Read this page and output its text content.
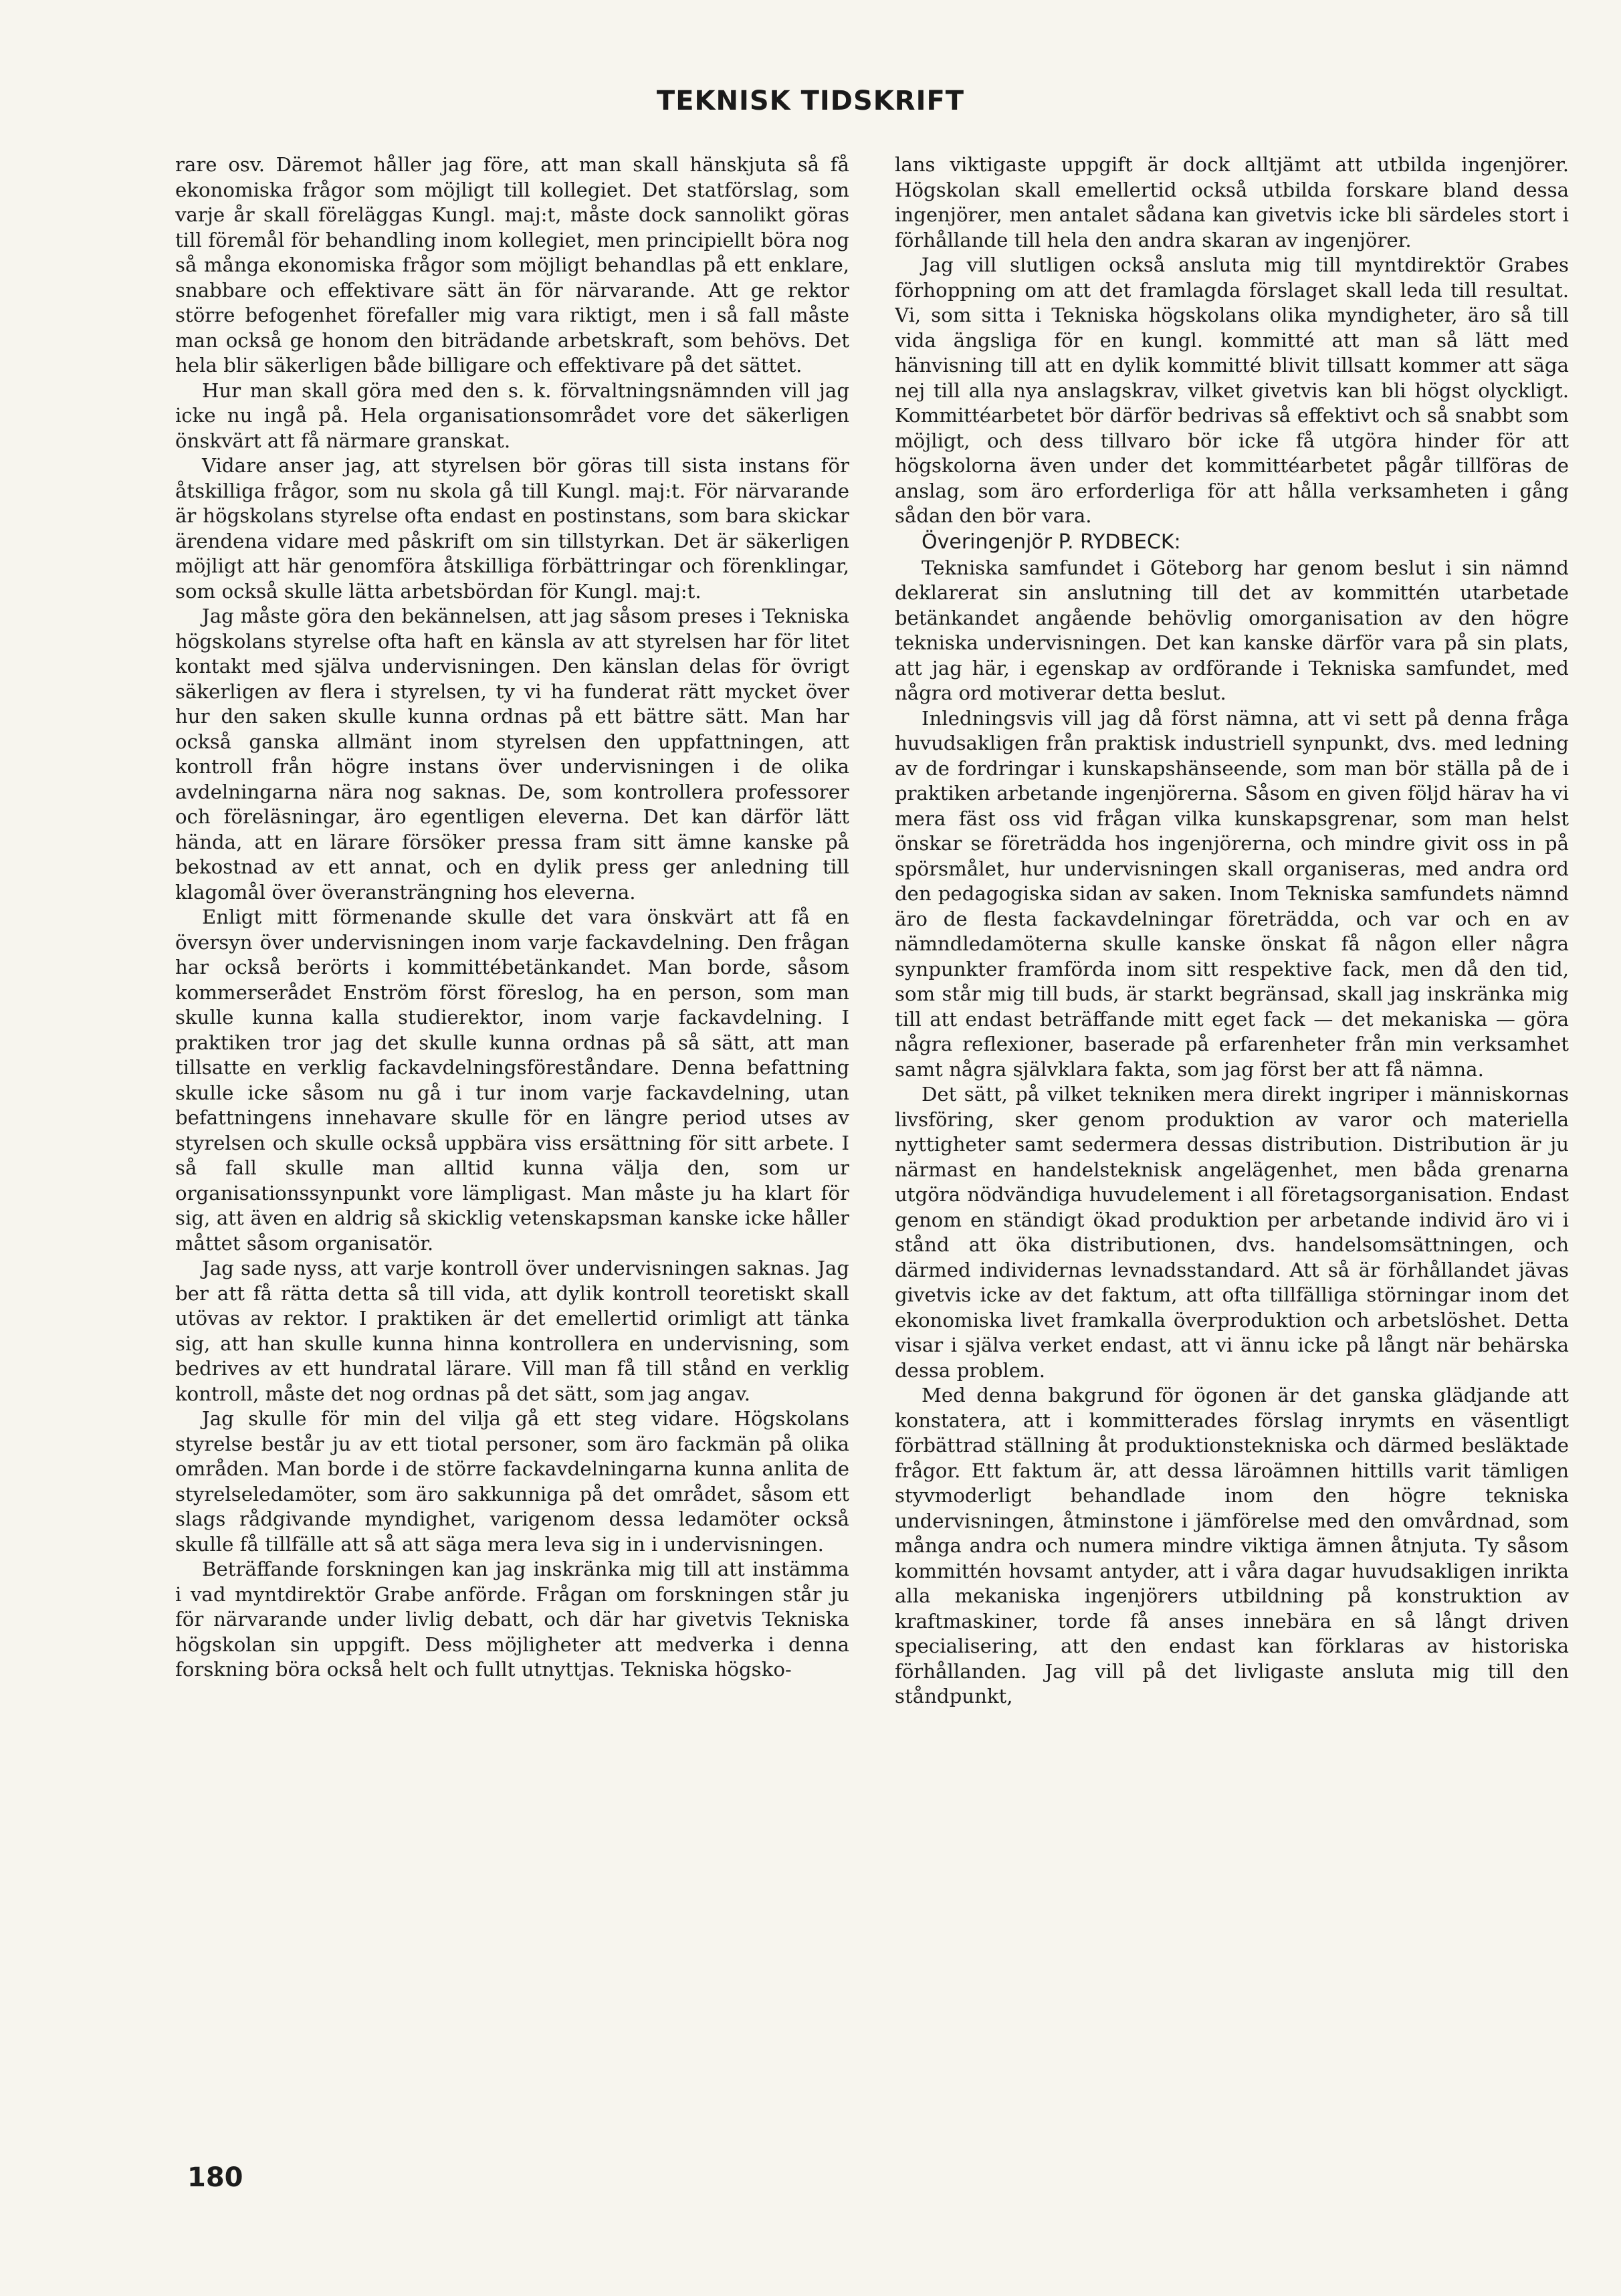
TEKNISK TIDSKRIFT

rare osv. Däremot håller jag före, att man skall hänskjuta så få ekonomiska frågor som möjligt till kollegiet. Det statförslag, som varje år skall föreläggas Kungl. maj:t, måste dock sannolikt göras till föremål för behandling inom kollegiet, men principiellt böra nog så många ekonomiska frågor som möjligt behandlas på ett enklare, snabbare och effektivare sätt än för närvarande. Att ge rektor större befogenhet förefaller mig vara riktigt, men i så fall måste man också ge honom den biträdande arbetskraft, som behövs. Det hela blir säkerligen både billigare och effektivare på det sättet.

Hur man skall göra med den s. k. förvaltningsnämnden vill jag icke nu ingå på. Hela organisationsområdet vore det säkerligen önskvärt att få närmare granskat.

Vidare anser jag, att styrelsen bör göras till sista instans för åtskilliga frågor, som nu skola gå till Kungl. maj:t. För närvarande är högskolans styrelse ofta endast en postinstans, som bara skickar ärendena vidare med påskrift om sin tillstyrkan. Det är säkerligen möjligt att här genomföra åtskilliga förbättringar och förenklingar, som också skulle lätta arbetsbördan för Kungl. maj:t.

Jag måste göra den bekännelsen, att jag såsom preses i Tekniska högskolans styrelse ofta haft en känsla av att styrelsen har för litet kontakt med själva undervisningen. Den känslan delas för övrigt säkerligen av flera i styrelsen, ty vi ha funderat rätt mycket över hur den saken skulle kunna ordnas på ett bättre sätt. Man har också ganska allmänt inom styrelsen den uppfattningen, att kontroll från högre instans över undervisningen i de olika avdelningarna nära nog saknas. De, som kontrollera professorer och föreläsningar, äro egentligen eleverna. Det kan därför lätt hända, att en lärare försöker pressa fram sitt ämne kanske på bekostnad av ett annat, och en dylik press ger anledning till klagomål över överansträngning hos eleverna.

Enligt mitt förmenande skulle det vara önskvärt att få en översyn över undervisningen inom varje fackavdelning. Den frågan har också berörts i kommittébetänkandet. Man borde, såsom kommerserådet Enström först föreslog, ha en person, som man skulle kunna kalla studierektor, inom varje fackavdelning. I praktiken tror jag det skulle kunna ordnas på så sätt, att man tillsatte en verklig fackavdelningsföreståndare. Denna befattning skulle icke såsom nu gå i tur inom varje fackavdelning, utan befattningens innehavare skulle för en längre period utses av styrelsen och skulle också uppbära viss ersättning för sitt arbete. I så fall skulle man alltid kunna välja den, som ur organisationssynpunkt vore lämpligast. Man måste ju ha klart för sig, att även en aldrig så skicklig vetenskapsman kanske icke håller måttet såsom organisatör.

Jag sade nyss, att varje kontroll över undervisningen saknas. Jag ber att få rätta detta så till vida, att dylik kontroll teoretiskt skall utövas av rektor. I praktiken är det emellertid orimligt att tänka sig, att han skulle kunna hinna kontrollera en undervisning, som bedrives av ett hundratal lärare. Vill man få till stånd en verklig kontroll, måste det nog ordnas på det sätt, som jag angav.

Jag skulle för min del vilja gå ett steg vidare. Högskolans styrelse består ju av ett tiotal personer, som äro fackmän på olika områden. Man borde i de större fackavdelningarna kunna anlita de styrelseledamöter, som äro sakkunniga på det området, såsom ett slags rådgivande myndighet, varigenom dessa ledamöter också skulle få tillfälle att så att säga mera leva sig in i undervisningen.

Beträffande forskningen kan jag inskränka mig till att instämma i vad myntdirektör Grabe anförde. Frågan om forskningen står ju för närvarande under livlig debatt, och där har givetvis Tekniska högskolan sin uppgift. Dess möjligheter att medverka i denna forskning böra också helt och fullt utnyttjas. Tekniska högsko-

lans viktigaste uppgift är dock alltjämt att utbilda ingenjörer. Högskolan skall emellertid också utbilda forskare bland dessa ingenjörer, men antalet sådana kan givetvis icke bli särdeles stort i förhållande till hela den andra skaran av ingenjörer.

Jag vill slutligen också ansluta mig till myntdirektör Grabes förhoppning om att det framlagda förslaget skall leda till resultat. Vi, som sitta i Tekniska högskolans olika myndigheter, äro så till vida ängsliga för en kungl. kommitté att man så lätt med hänvisning till att en dylik kommitté blivit tillsatt kommer att säga nej till alla nya anslagskrav, vilket givetvis kan bli högst olyckligt. Kommittéarbetet bör därför bedrivas så effektivt och så snabbt som möjligt, och dess tillvaro bör icke få utgöra hinder för att högskolorna även under det kommittéarbetet pågår tillföras de anslag, som äro erforderliga för att hålla verksamheten i gång sådan den bör vara.

Överingenjör P. RYDBECK:

Tekniska samfundet i Göteborg har genom beslut i sin nämnd deklarerat sin anslutning till det av kommittén utarbetade betänkandet angående behövlig omorganisation av den högre tekniska undervisningen. Det kan kanske därför vara på sin plats, att jag här, i egenskap av ordförande i Tekniska samfundet, med några ord motiverar detta beslut.

Inledningsvis vill jag då först nämna, att vi sett på denna fråga huvudsakligen från praktisk industriell synpunkt, dvs. med ledning av de fordringar i kunskapshänseende, som man bör ställa på de i praktiken arbetande ingenjörerna. Såsom en given följd härav ha vi mera fäst oss vid frågan vilka kunskapsgrenar, som man helst önskar se företrädda hos ingenjörerna, och mindre givit oss in på spörsmålet, hur undervisningen skall organiseras, med andra ord den pedagogiska sidan av saken. Inom Tekniska samfundets nämnd äro de flesta fackavdelningar företrädda, och var och en av nämndledamöterna skulle kanske önskat få någon eller några synpunkter framförda inom sitt respektive fack, men då den tid, som står mig till buds, är starkt begränsad, skall jag inskränka mig till att endast beträffande mitt eget fack — det mekaniska — göra några reflexioner, baserade på erfarenheter från min verksamhet samt några självklara fakta, som jag först ber att få nämna.

Det sätt, på vilket tekniken mera direkt ingriper i människornas livsföring, sker genom produktion av varor och materiella nyttigheter samt sedermera dessas distribution. Distribution är ju närmast en handelsteknisk angelägenhet, men båda grenarna utgöra nödvändiga huvudelement i all företagsorganisation. Endast genom en ständigt ökad produktion per arbetande individ äro vi i stånd att öka distributionen, dvs. handelsomsättningen, och därmed individernas levnadsstandard. Att så är förhållandet jävas givetvis icke av det faktum, att ofta tillfälliga störningar inom det ekonomiska livet framkalla överproduktion och arbetslöshet. Detta visar i själva verket endast, att vi ännu icke på långt när behärska dessa problem.

Med denna bakgrund för ögonen är det ganska glädjande att konstatera, att i kommitterades förslag inrymts en väsentligt förbättrad ställning åt produktionstekniska och därmed besläktade frågor. Ett faktum är, att dessa läroämnen hittills varit tämligen styvmoderligt behandlade inom den högre tekniska undervisningen, åtminstone i jämförelse med den omvårdnad, som många andra och numera mindre viktiga ämnen åtnjuta. Ty såsom kommittén hovsamt antyder, att i våra dagar huvudsakligen inrikta alla mekaniska ingenjörers utbildning på konstruktion av kraftmaskiner, torde få anses innebära en så långt driven specialisering, att den endast kan förklaras av historiska förhållanden. Jag vill på det livligaste ansluta mig till den ståndpunkt,

180
